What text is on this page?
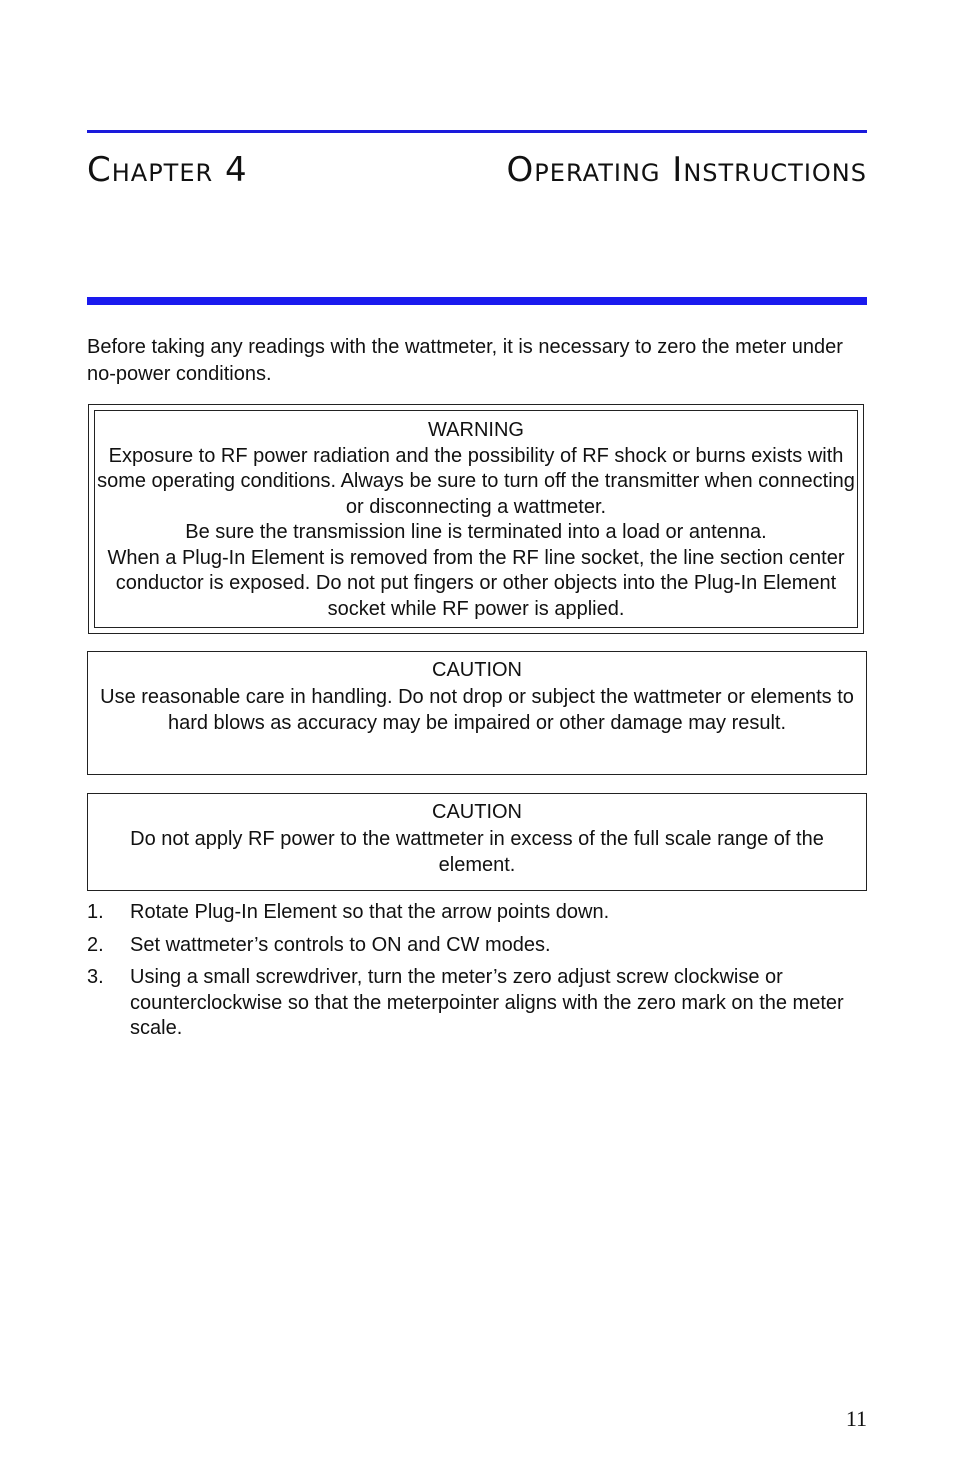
Chapter 4	Operating Instructions
Before taking any readings with the wattmeter, it is necessary to zero the meter under no-power conditions.

WARNING

Exposure to RF power radiation and the possibility of RF shock or burns exists with some operating conditions. Always be sure to turn off the transmitter when connecting or disconnecting a wattmeter.

Be sure the transmission line is terminated into a load or antenna.

When a Plug-In Element is removed from the RF line socket, the line section center conductor is exposed. Do not put fingers or other objects into the Plug-In Element socket while RF power is applied.

CAUTION

Use reasonable care in handling. Do not drop or subject the wattmeter or elements to hard blows as accuracy may be impaired or other damage may result.

CAUTION

Do not apply RF power to the wattmeter in excess of the full scale range of the element.

1. Rotate Plug-In Element so that the arrow points down.
2. Set wattmeter’s controls to ON and CW modes.
3. Using a small screwdriver, turn the meter’s zero adjust screw clockwise or counterclockwise so that the meterpointer aligns with the zero mark on the meter scale.
11
